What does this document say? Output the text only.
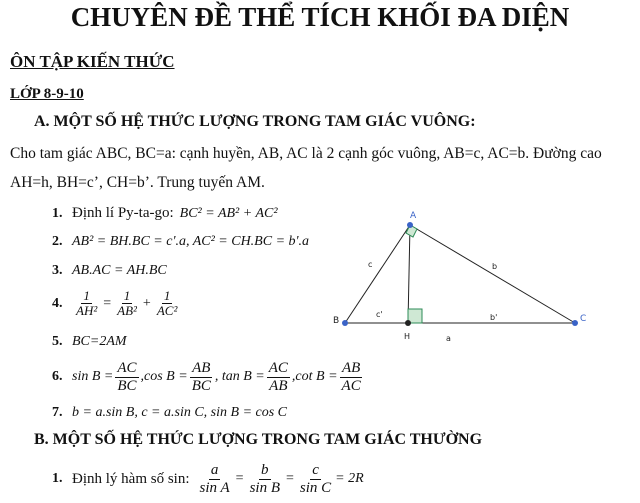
CHUYÊN ĐỀ THỂ TÍCH KHỐI ĐA DIỆN
ÔN TẬP KIẾN THỨC
LỚP 8-9-10
A. MỘT SỐ HỆ THỨC LƯỢNG TRONG TAM GIÁC VUÔNG:
Cho tam giác ABC, BC=a: cạnh huyền, AB, AC là 2 cạnh góc vuông, AB=c, AC=b. Đường cao
AH=h, BH=c’, CH=b’. Trung tuyến AM.
1. Định lí Py-ta-go: BC² = AB² + AC²
2. AB² = BH.BC = c'.a, AC² = CH.BC = b'.a
3. AB.AC = AH.BC
4. $\frac{1}{\text{AH²}} = \frac{1}{\text{AB²}} + \frac{1}{\text{AC²}}$
5. BC=2AM
6. $\sin B = \frac{AC}{BC} ,\cos$ $B = \frac{AB}{BC}$ , $\tan B = \frac{AC}{AB} ,\cot$ $B = \frac{AB}{AC}$
7. b = a.sin B, c = a.sin C, sin B = cos C
B. MỘT SỐ HỆ THỨC LƯỢNG TRONG TAM GIÁC THƯỜNG
1. Định lý hàm số sin: $\frac{a}{\text{sin A}} = \frac{b}{\text{sin B}} = \frac{c}{\text{sin C}} = 2R$
A
B	C
H
c	b
c'	b'
a
